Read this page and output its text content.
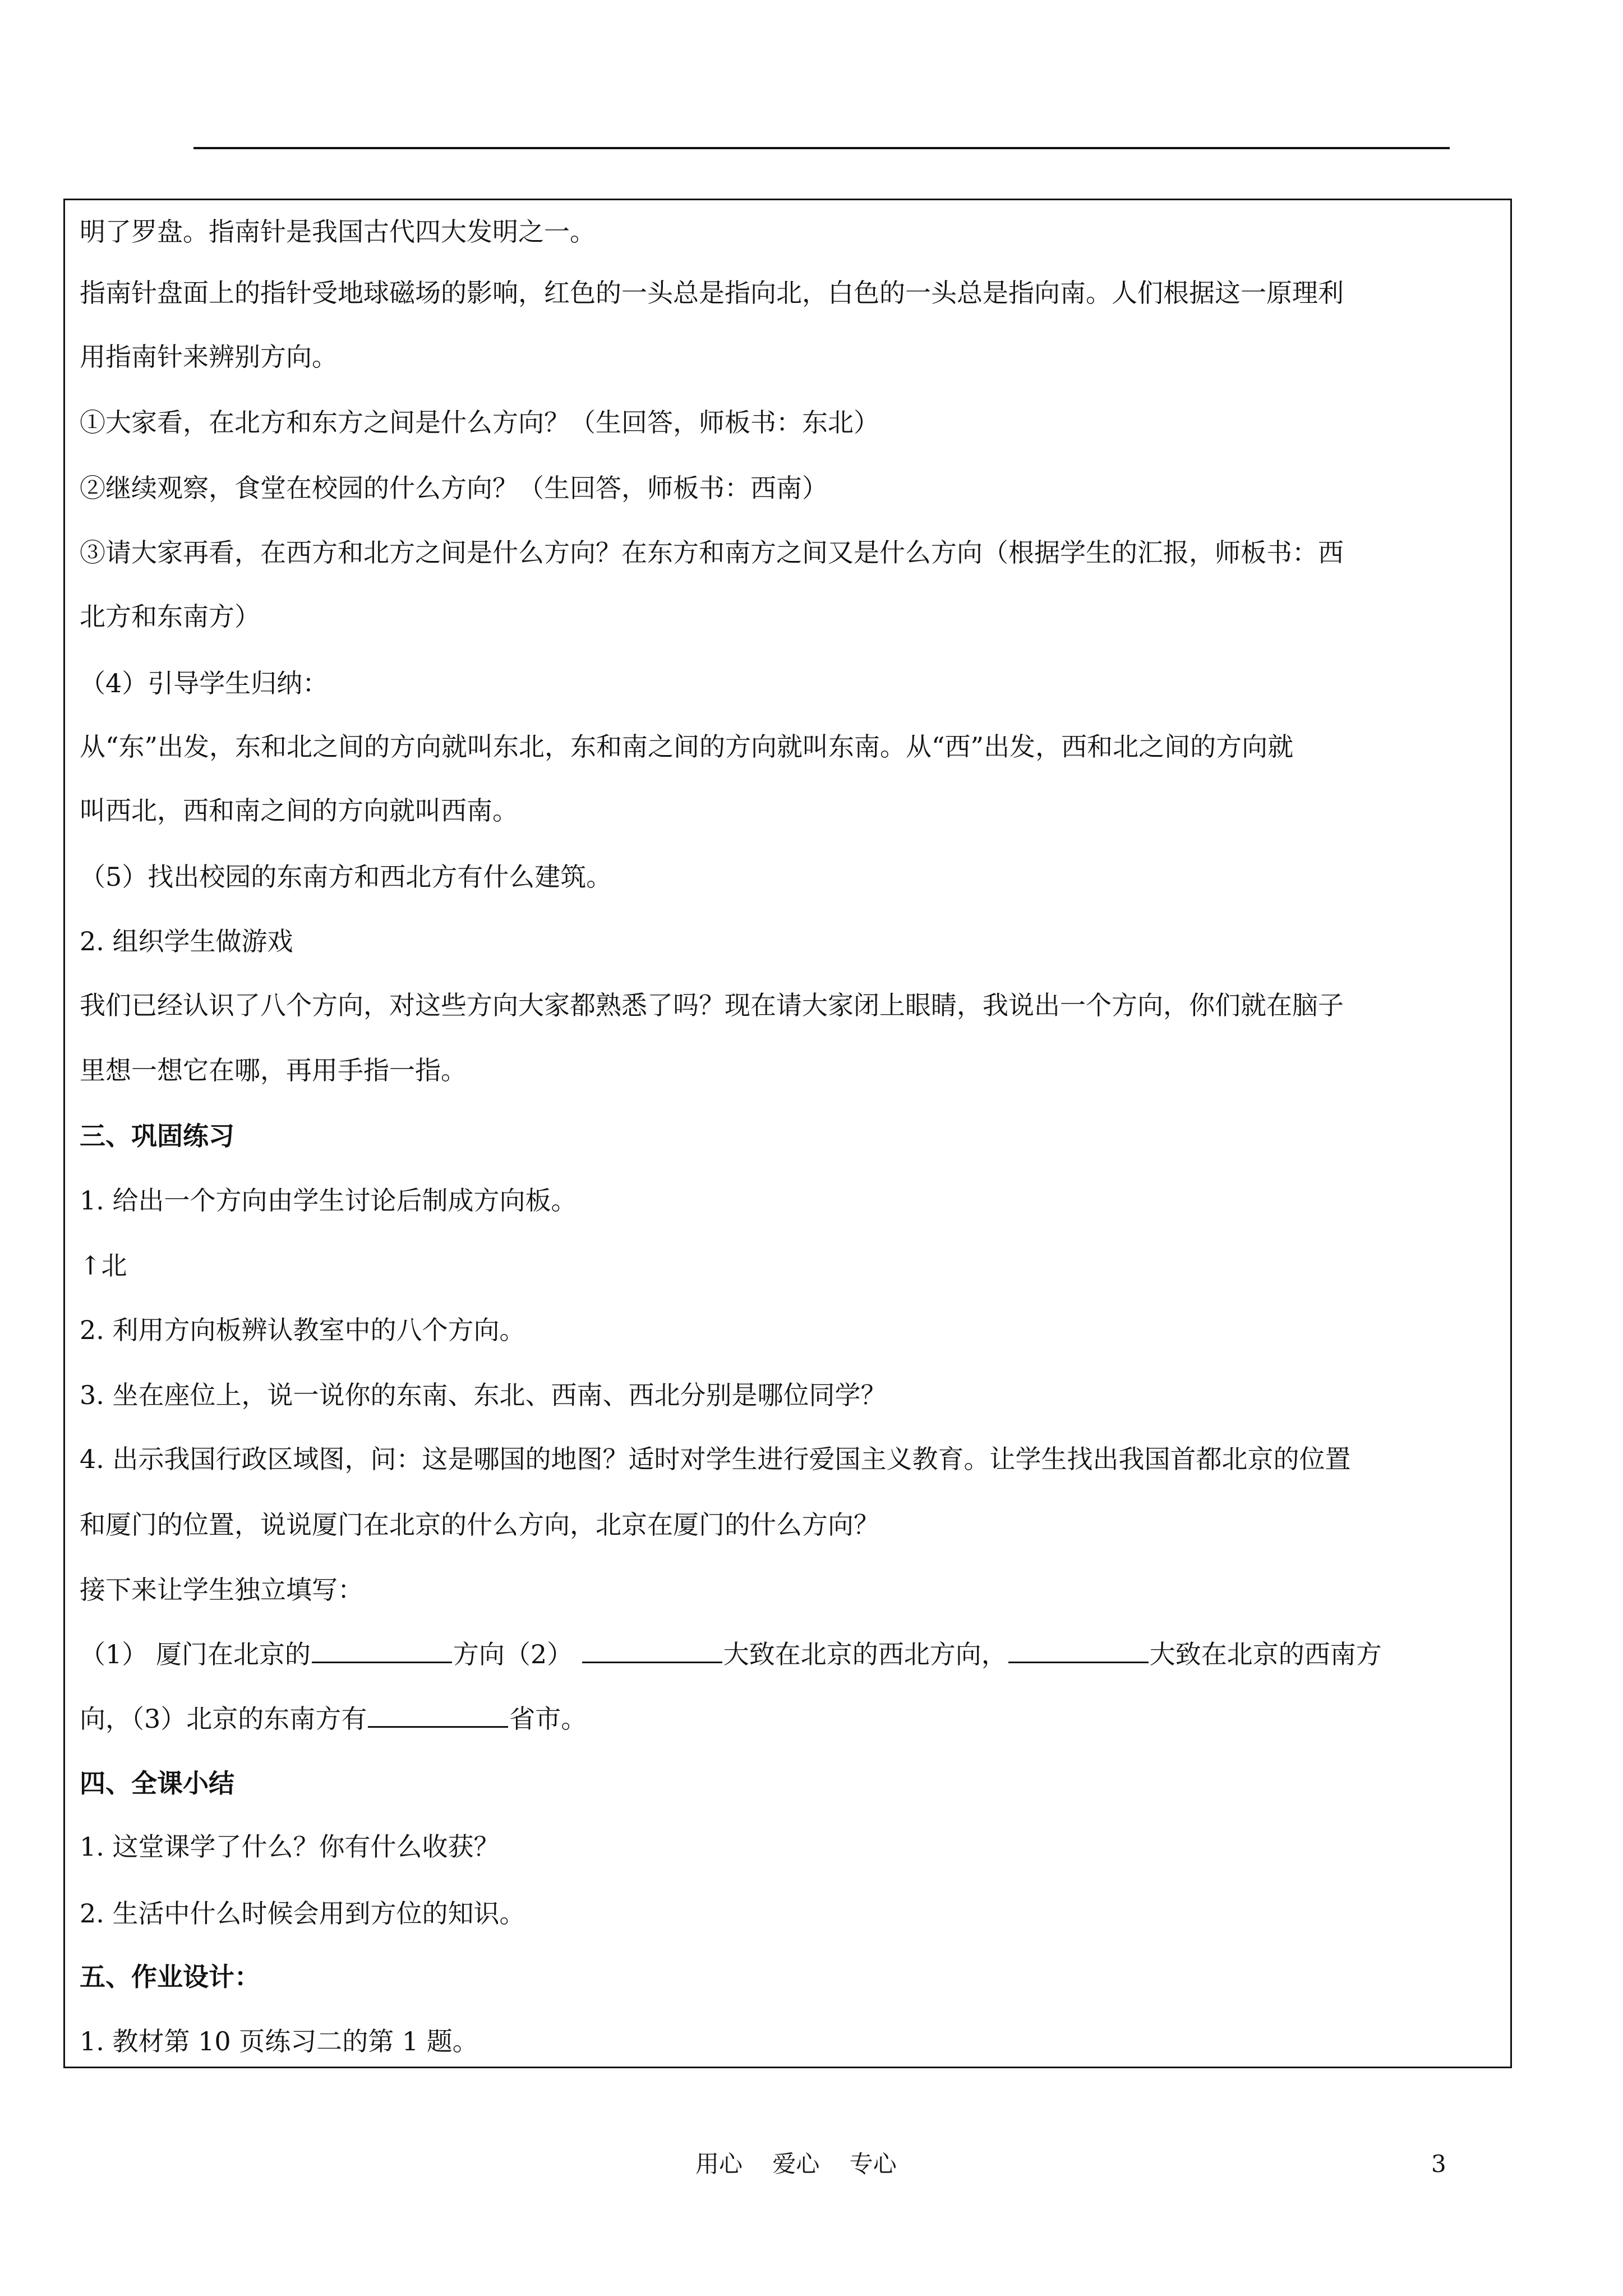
明了罗盘。指南针是我国古代四大发明之一。
指南针盘面上的指针受地球磁场的影响，红色的一头总是指向北，白色的一头总是指向南。人们根据这一原理利
用指南针来辨别方向。
①大家看，在北方和东方之间是什么方向？（生回答，师板书：东北）
②继续观察，食堂在校园的什么方向？（生回答，师板书：西南）
③请大家再看，在西方和北方之间是什么方向？在东方和南方之间又是什么方向（根据学生的汇报，师板书：西
北方和东南方）
（4）引导学生归纳：
从“东”出发，东和北之间的方向就叫东北，东和南之间的方向就叫东南。从“西”出发，西和北之间的方向就
叫西北，西和南之间的方向就叫西南。
（5）找出校园的东南方和西北方有什么建筑。
2. 组织学生做游戏
我们已经认识了八个方向，对这些方向大家都熟悉了吗？现在请大家闭上眼睛，我说出一个方向，你们就在脑子
里想一想它在哪，再用手指一指。
三、巩固练习
1. 给出一个方向由学生讨论后制成方向板。
↑北
2. 利用方向板辨认教室中的八个方向。
3. 坐在座位上，说一说你的东南、东北、西南、西北分别是哪位同学？
4. 出示我国行政区域图，问：这是哪国的地图？适时对学生进行爱国主义教育。让学生找出我国首都北京的位置
和厦门的位置，说说厦门在北京的什么方向，北京在厦门的什么方向？
接下来让学生独立填写：
（1） 厦门在北京的	方向（2）	大致在北京的西北方向，	大致在北京的西南方
向，（3）北京的东南方有	省市。
四、全课小结
1. 这堂课学了什么？你有什么收获？
2. 生活中什么时候会用到方位的知识。
五、作业设计：
1. 教材第 10 页练习二的第 1 题。
用心    爱心    专心	3
